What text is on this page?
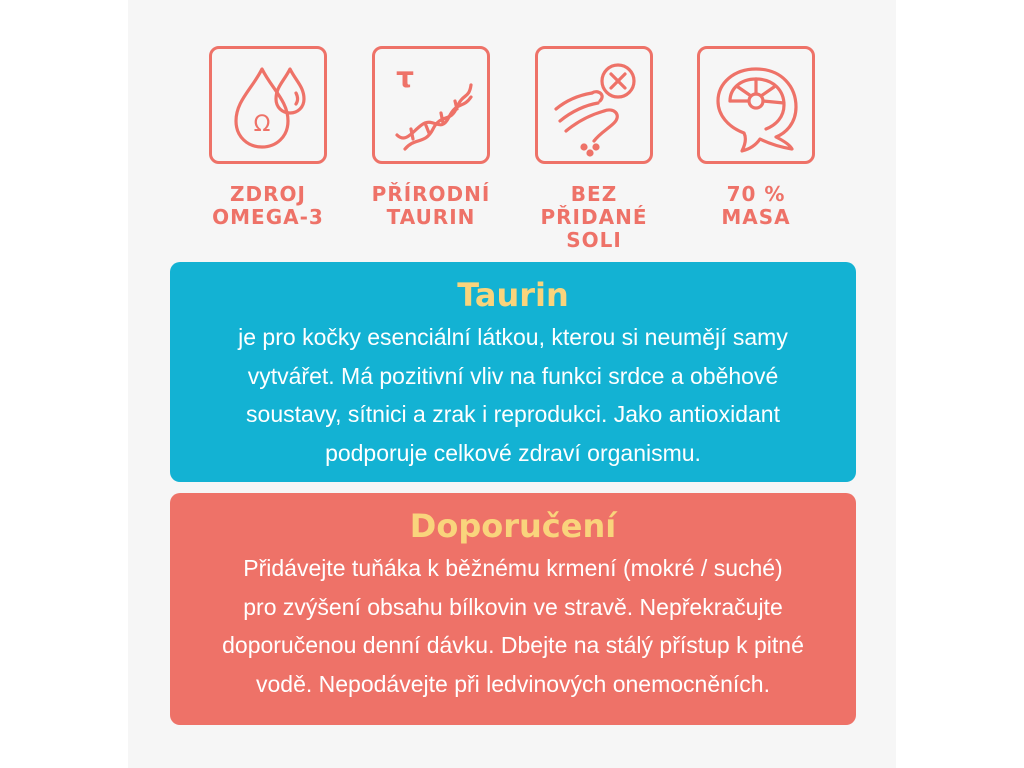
Ω
τ
ZDROJ
OMEGA-3
PŘÍRODNÍ
TAURIN
BEZ
PŘIDANÉ
SOLI
70 %
MASA
Taurin
je pro kočky esenciální látkou, kterou si neumějí samy
vytvářet. Má pozitivní vliv na funkci srdce a oběhové
soustavy, sítnici a zrak i reprodukci. Jako antioxidant
podporuje celkové zdraví organismu.
Doporučení
Přidávejte tuňáka k běžnému krmení (mokré / suché)
pro zvýšení obsahu bílkovin ve stravě. Nepřekračujte
doporučenou denní dávku. Dbejte na stálý přístup k pitné
vodě. Nepodávejte při ledvinových onemocněních.
